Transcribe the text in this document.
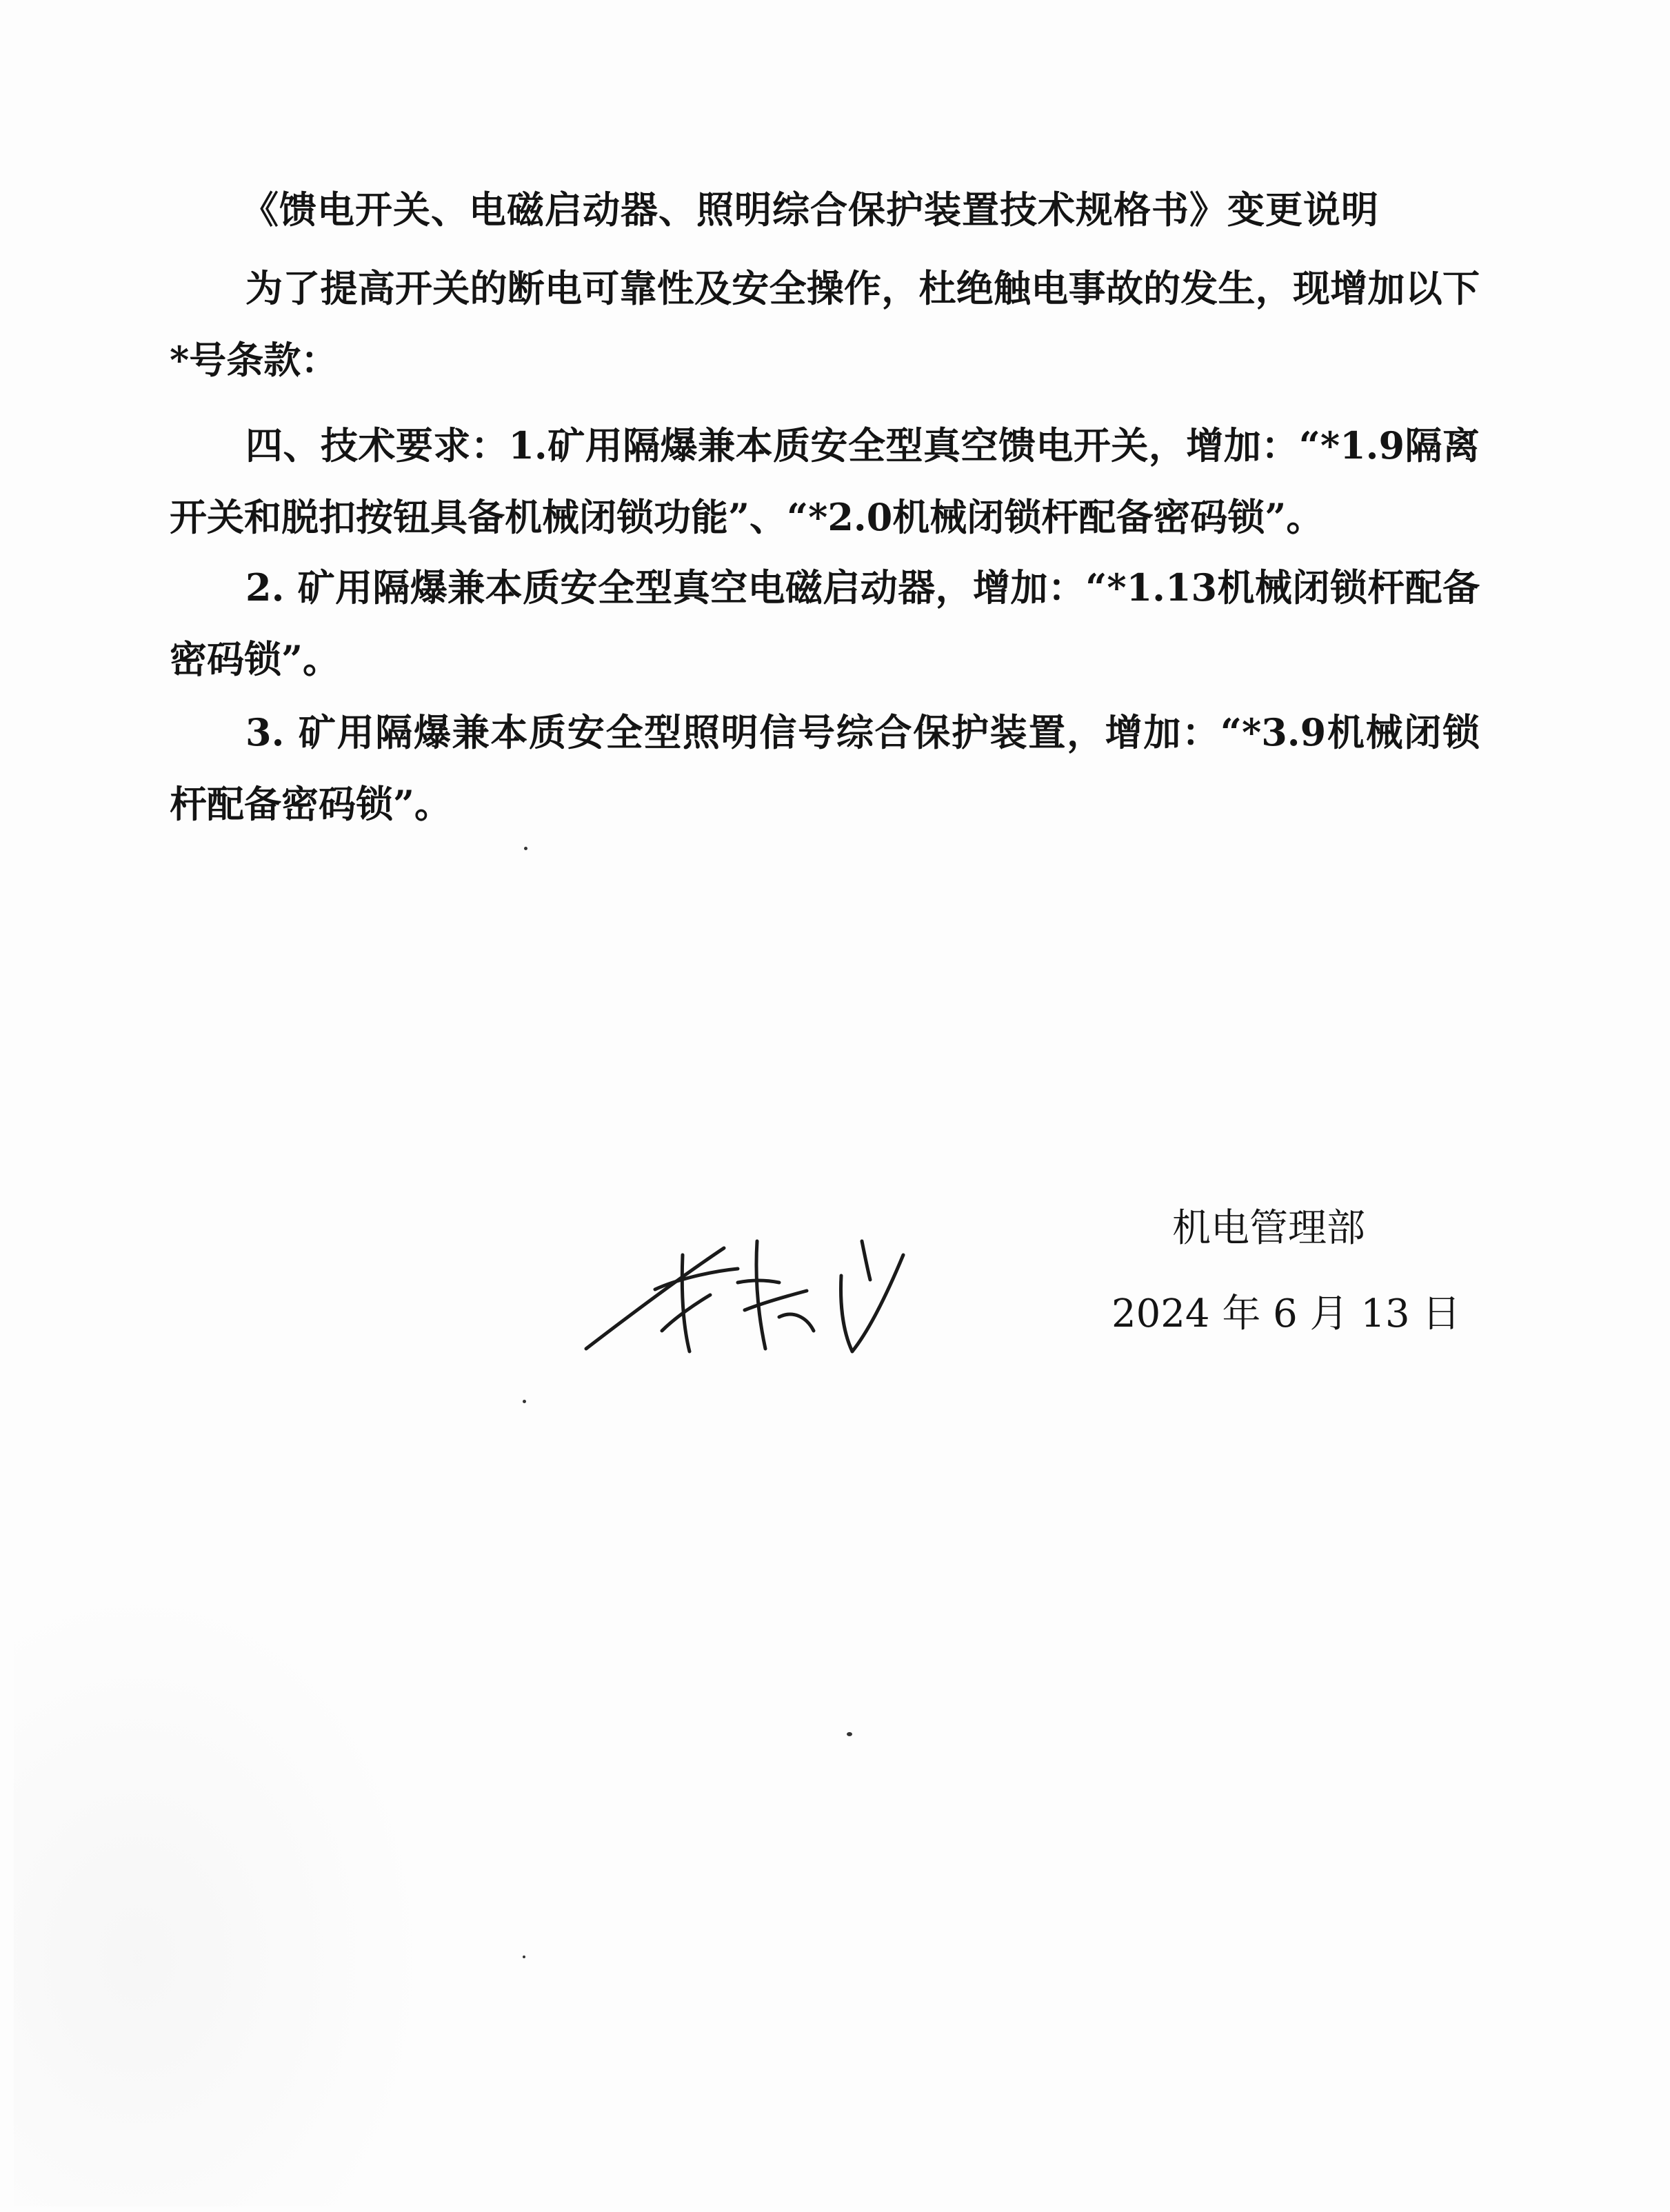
《馈电开关、电磁启动器、照明综合保护装置技术规格书》变更说明

为了提高开关的断电可靠性及安全操作，杜绝触电事故的发生，现增加以下*号条款：

四、技术要求：1.矿用隔爆兼本质安全型真空馈电开关，增加：“*1.9隔离开关和脱扣按钮具备机械闭锁功能”、“*2.0机械闭锁杆配备密码锁”。

2. 矿用隔爆兼本质安全型真空电磁启动器，增加：“*1.13机械闭锁杆配备密码锁”。

3. 矿用隔爆兼本质安全型照明信号综合保护装置，增加：“*3.9机械闭锁杆配备密码锁”。

机电管理部
2024 年 6 月 13 日
